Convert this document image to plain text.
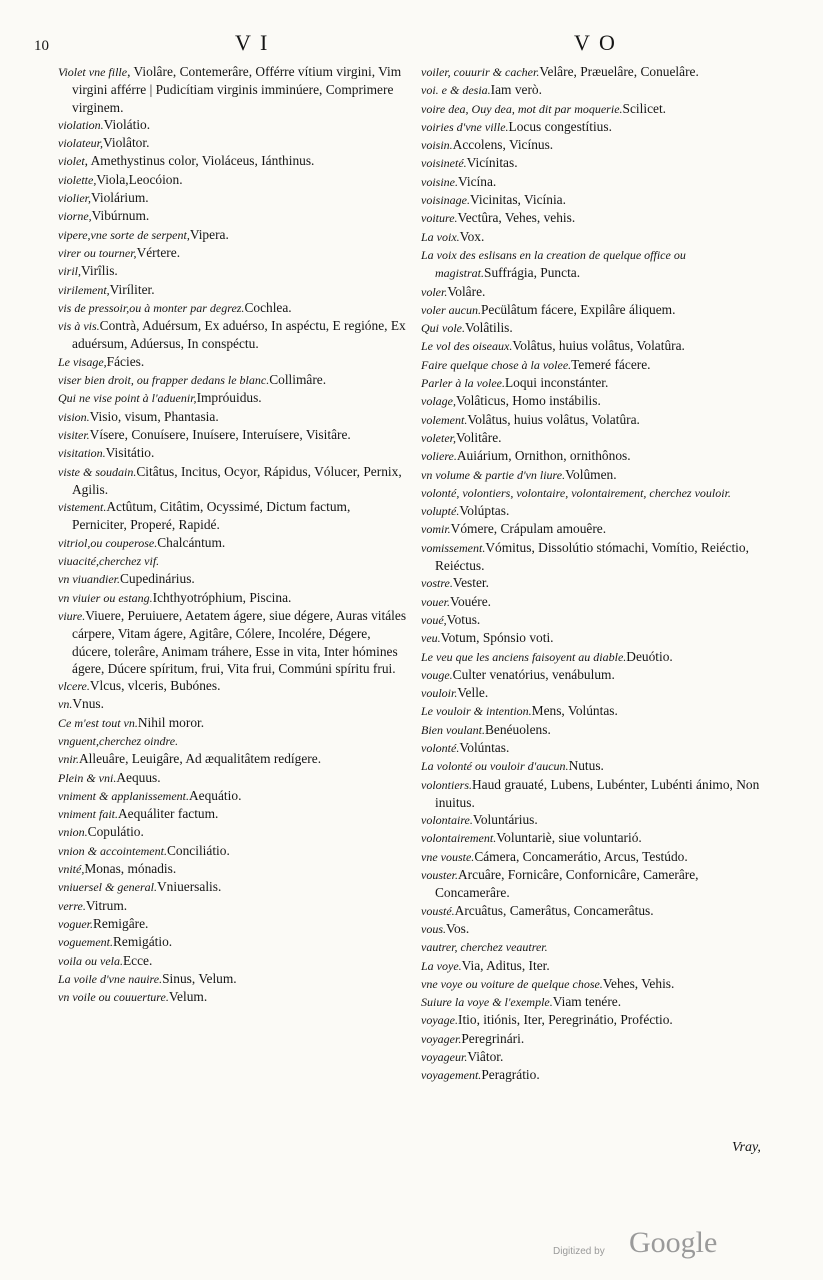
10	V I	V O

Violet vne fille, Violâre, Contemerâre, Offérre vítium virgini, Vim virgini afférre | Pudicítiam virginis imminúere, Comprimere virginem.

violation.Violátio.

violateur,Violâtor.

violet, Amethystinus color, Violáceus, Iánthinus.

violette,Viola,Leocóion.

violier,Violárium.

viorne,Vibúrnum.

vipere,vne sorte de serpent,Vipera.

virer ou tourner,Vértere.

viril,Virîlis.

virilement,Viríliter.

vis de pressoir,ou à monter par degrez.Cochlea.

vis à vis.Contrà, Aduérsum, Ex aduérso, In aspéctu, E regióne, Ex aduérsum, Adúersus, In conspéctu.

Le visage,Fácies.

viser bien droit, ou frapper dedans le blanc.Collimâre.

Qui ne vise point à l'aduenir,Impróuidus.

vision.Visio, visum, Phantasia.

visiter.Vísere, Conuísere, Inuísere, Interuísere, Visitâre.

visitation.Visitátio.

viste & soudain.Citâtus, Incitus, Ocyor, Rápidus, Vólucer, Pernix, Agilis.

vistement.Actûtum, Citâtim, Ocyssimé, Dictum factum, Perniciter, Properé, Rapidé.

vitriol,ou couperose.Chalcántum.

viuacité,cherchez vif.

vn viuandier.Cupedinárius.

vn viuier ou estang.Ichthyotróphium, Piscina.

viure.Viuere, Peruiuere, Aetatem ágere, siue dégere, Auras vitáles cárpere, Vitam ágere, Agitâre, Cólere, Incolére, Dégere, dúcere, tolerâre, Animam tráhere, Esse in vita, Inter hómines ágere, Dúcere spíritum, frui, Vita frui, Commúni spíritu frui.

vlcere.Vlcus, vlceris, Bubónes.

vn.Vnus.

Ce m'est tout vn.Nihil moror.

vnguent,cherchez oindre.

vnir.Alleuâre, Leuigâre, Ad æqualitâtem redígere.

Plein & vni.Aequus.

vniment & applanissement.Aequátio.

vniment fait.Aequáliter factum.

vnion.Copulátio.

vnion & accointement.Conciliátio.

vnité,Monas, mónadis.

vniuersel & general.Vniuersalis.

verre.Vitrum.

voguer.Remigâre.

voguement.Remigátio.

voila ou vela.Ecce.

La voile d'vne nauire.Sinus, Velum.

vn voile ou couuerture.Velum.

voiler, couurir & cacher.Velâre, Præuelâre, Conuelâre.

voi. e & desia.Iam verò.

voire dea, Ouy dea, mot dit par moquerie.Scilicet.

voiries d'vne ville.Locus congestítius.

voisin.Accolens, Vicínus.

voisineté.Vicínitas.

voisine.Vicína.

voisinage.Vicinitas, Vicínia.

voiture.Vectûra, Vehes, vehis.

La voix.Vox.

La voix des eslisans en la creation de quelque office ou magistrat.Suffrágia, Puncta.

voler.Volâre.

voler aucun.Pecülâtum fácere, Expilâre áliquem.

Qui vole.Volâtilis.

Le vol des oiseaux.Volâtus, huius volâtus, Volatûra.

Faire quelque chose à la volee.Temeré fácere.

Parler à la volee.Loqui inconstánter.

volage,Volâticus, Homo instábilis.

volement.Volâtus, huius volâtus, Volatûra.

voleter,Volitâre.

voliere.Auiárium, Ornithon, ornithônos.

vn volume & partie d'vn liure.Volûmen.

volonté, volontiers, volontaire, volontairement, cherchez vouloir.

volupté.Volúptas.

vomir.Vómere, Crápulam amouêre.

vomissement.Vómitus, Dissolútio stómachi, Vomítio, Reiéctio, Reiéctus.

vostre.Vester.

vouer.Vouére.

voué,Votus.

veu.Votum, Spónsio voti.

Le veu que les anciens faisoyent au diable.Deuótio.

vouge.Culter venatórius, venábulum.

vouloir.Velle.

Le vouloir & intention.Mens, Volúntas.

Bien voulant.Benéuolens.

volonté.Volúntas.

La volonté ou vouloir d'aucun.Nutus.

volontiers.Haud grauaté, Lubens, Lubénter, Lubénti ánimo, Non inuitus.

volontaire.Voluntárius.

volontairement.Voluntariè, siue voluntarió.

vne vouste.Cámera, Concamerátio, Arcus, Testúdo.

vouster.Arcuâre, Fornicâre, Confornicâre, Camerâre, Concamerâre.

vousté.Arcuâtus, Camerâtus, Concamerâtus.

vous.Vos.

vautrer, cherchez veautrer.

La voye.Via, Aditus, Iter.

vne voye ou voiture de quelque chose.Vehes, Vehis.

Suiure la voye & l'exemple.Viam tenére.

voyage.Itio, itiónis, Iter, Peregrinátio, Proféctio.

voyager.Peregrinári.

voyageur.Viâtor.

voyagement.Peragrátio.

Vray,
Digitized by Google
